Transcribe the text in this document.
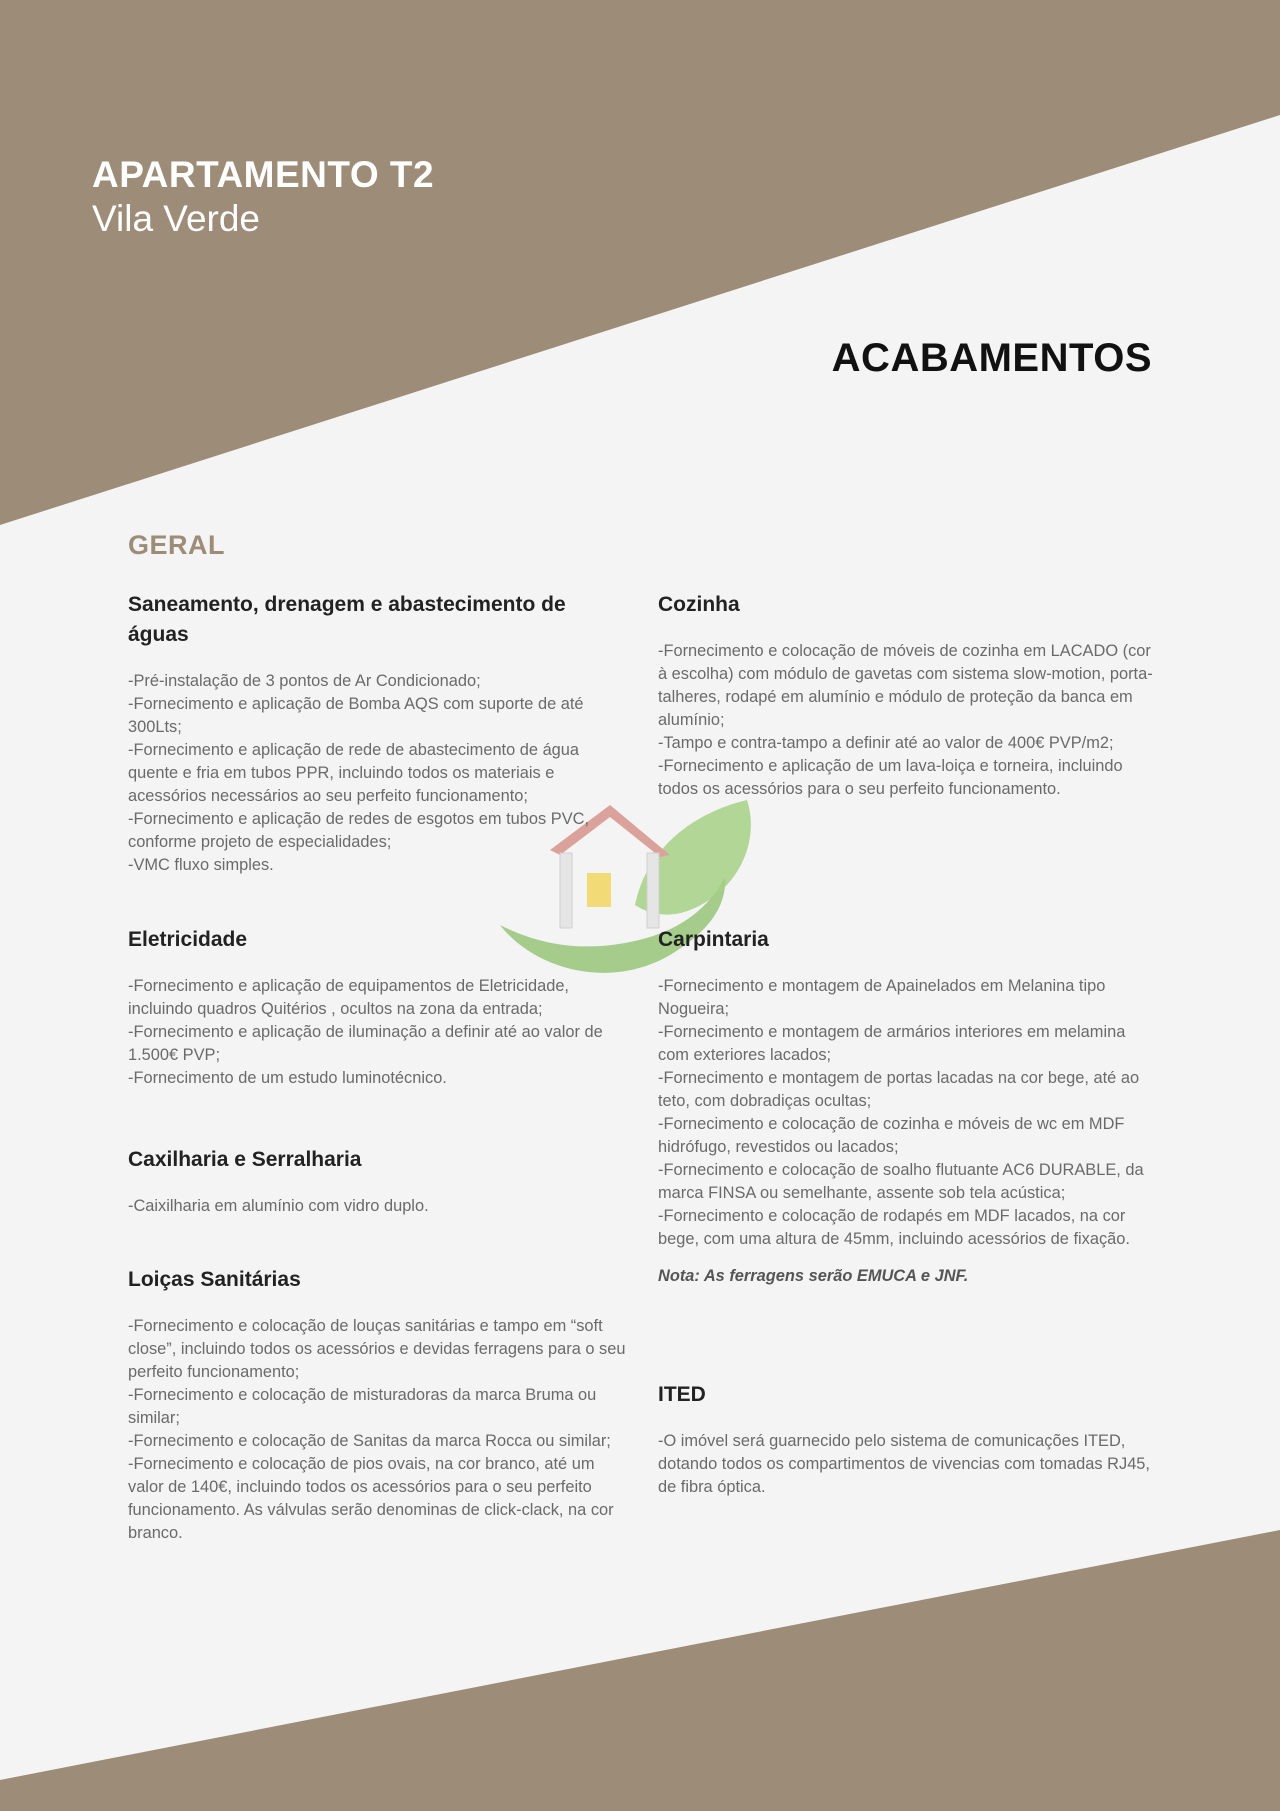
APARTAMENTO T2
Vila Verde
ACABAMENTOS
GERAL
Saneamento, drenagem e abastecimento de águas
-Pré-instalação de 3 pontos de Ar Condicionado;
-Fornecimento e aplicação de Bomba AQS com suporte de até 300Lts;
-Fornecimento e aplicação de rede de abastecimento de água quente e fria em tubos PPR, incluindo todos os materiais e acessórios necessários ao seu perfeito funcionamento;
-Fornecimento e aplicação de redes de esgotos em tubos PVC, conforme projeto de especialidades;
-VMC fluxo simples.
Eletricidade
-Fornecimento e aplicação de equipamentos de Eletricidade, incluindo quadros Quitérios , ocultos na zona da entrada;
-Fornecimento e aplicação de iluminação a definir até ao valor de 1.500€ PVP;
-Fornecimento de um estudo luminotécnico.
Caxilharia e Serralharia
-Caixilharia em alumínio com vidro duplo.
Loiças Sanitárias
-Fornecimento e colocação de louças sanitárias e tampo em “soft close”, incluindo todos os acessórios e devidas ferragens para o seu perfeito funcionamento;
-Fornecimento e colocação de misturadoras da marca Bruma ou similar;
-Fornecimento e colocação de Sanitas da marca Rocca ou similar;
-Fornecimento e colocação de pios ovais, na cor branco, até um valor de 140€, incluindo todos os acessórios para o seu perfeito funcionamento. As válvulas serão denominas de click-clack, na cor branco.
Cozinha
-Fornecimento e colocação de móveis de cozinha em LACADO (cor à escolha) com módulo de gavetas com sistema slow-motion, porta-talheres, rodapé em alumínio e módulo de proteção da banca em alumínio;
-Tampo e contra-tampo a definir até ao valor de 400€ PVP/m2;
-Fornecimento e aplicação de um lava-loiça e torneira, incluindo todos os acessórios para o seu perfeito funcionamento.
Carpintaria
-Fornecimento e montagem de Apainelados em Melanina tipo Nogueira;
-Fornecimento e montagem de armários interiores em melamina com exteriores lacados;
-Fornecimento e montagem de portas lacadas na cor bege, até ao teto, com dobradiças ocultas;
-Fornecimento e colocação de cozinha e móveis de wc em MDF hidrófugo, revestidos ou lacados;
-Fornecimento e colocação de soalho flutuante AC6 DURABLE, da marca FINSA ou semelhante, assente sob tela acústica;
-Fornecimento e colocação de rodapés em MDF lacados, na cor bege, com uma altura de 45mm, incluindo acessórios de fixação.
Nota: As ferragens serão EMUCA e JNF.
ITED
-O imóvel será guarnecido pelo sistema de comunicações ITED, dotando todos os compartimentos de vivencias com tomadas RJ45, de fibra óptica.
